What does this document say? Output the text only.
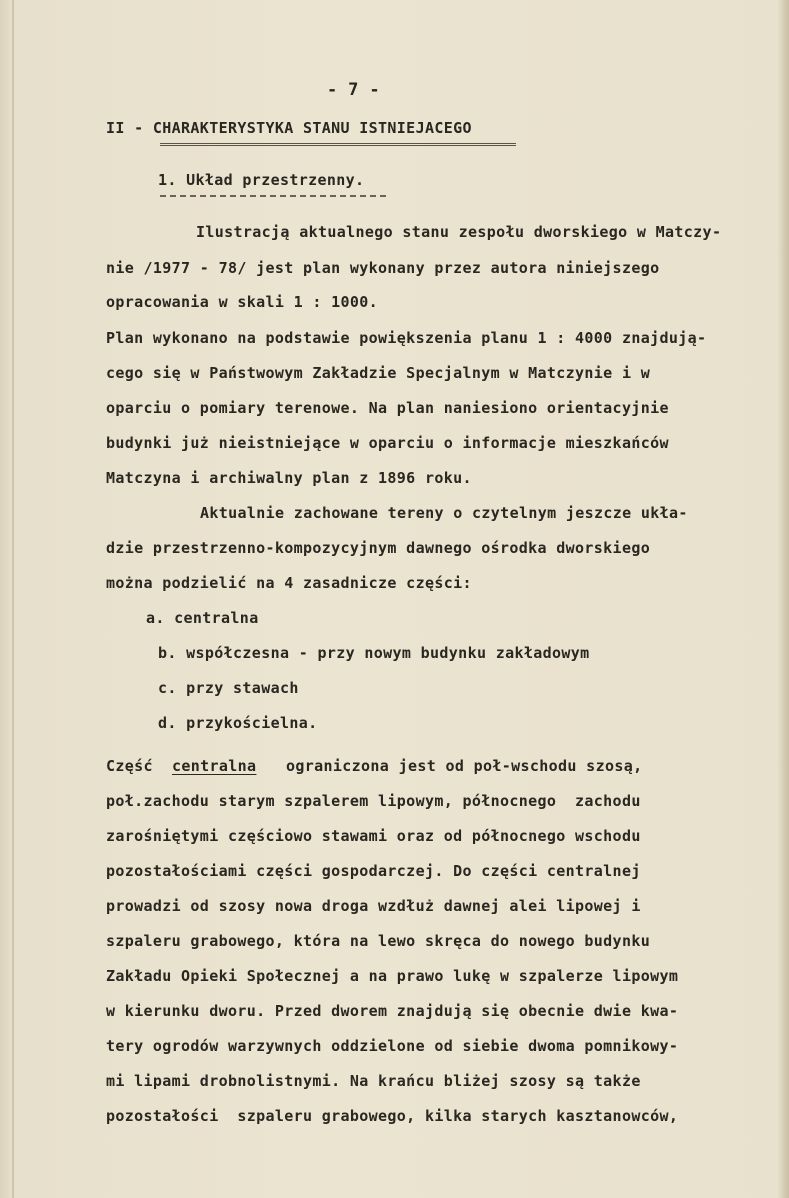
- 7 -
II - CHARAKTERYSTYKA STANU ISTNIEJACEGO
1. Układ przestrzenny.
Ilustracją aktualnego stanu zespołu dworskiego w Matczy-
nie /1977 - 78/ jest plan wykonany przez autora niniejszego
opracowania w skali 1 : 1000.
Plan wykonano na podstawie powiększenia planu 1 : 4000 znajdują-
cego się w Państwowym Zakładzie Specjalnym w Matczynie i w
oparciu o pomiary terenowe. Na plan naniesiono orientacyjnie
budynki już nieistniejące w oparciu o informacje mieszkańców
Matczyna i archiwalny plan z 1896 roku.
Aktualnie zachowane tereny o czytelnym jeszcze ukła-
dzie przestrzenno-kompozycyjnym dawnego ośrodka dworskiego
można podzielić na 4 zasadnicze części:
a. centralna
b. współczesna - przy nowym budynku zakładowym
c. przy stawach
d. przykościelna.
Część centralna ograniczona jest od poł-wschodu szosą,
poł.zachodu starym szpalerem lipowym, północnego  zachodu
zarośniętymi częściowo stawami oraz od północnego wschodu
pozostałościami części gospodarczej. Do części centralnej
prowadzi od szosy nowa droga wzdłuż dawnej alei lipowej i
szpaleru grabowego, która na lewo skręca do nowego budynku
Zakładu Opieki Społecznej a na prawo lukę w szpalerze lipowym
w kierunku dworu. Przed dworem znajdują się obecnie dwie kwa-
tery ogrodów warzywnych oddzielone od siebie dwoma pomnikowy-
mi lipami drobnolistnymi. Na krańcu bliżej szosy są także
pozostałości  szpaleru grabowego, kilka starych kasztanowców,
